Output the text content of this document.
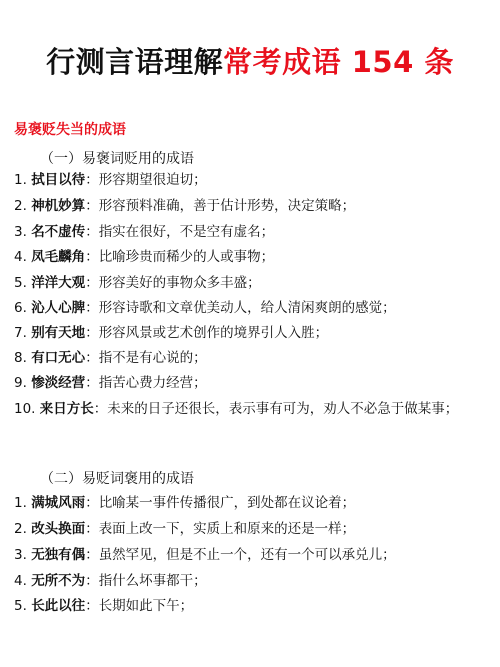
行测言语理解常考成语 154 条
易褒贬失当的成语
（一）易褒词贬用的成语
1. 拭目以待：形容期望很迫切；
2. 神机妙算：形容预料准确，善于估计形势，决定策略；
3. 名不虚传：指实在很好，不是空有虚名；
4. 凤毛麟角：比喻珍贵而稀少的人或事物；
5. 洋洋大观：形容美好的事物众多丰盛；
6. 沁人心脾：形容诗歌和文章优美动人，给人清闲爽朗的感觉；
7. 别有天地：形容风景或艺术创作的境界引人入胜；
8. 有口无心：指不是有心说的；
9. 惨淡经营：指苦心费力经营；
10. 来日方长：未来的日子还很长，表示事有可为，劝人不必急于做某事；
（二）易贬词褒用的成语
1. 满城风雨：比喻某一事件传播很广，到处都在议论着；
2. 改头换面：表面上改一下，实质上和原来的还是一样；
3. 无独有偶：虽然罕见，但是不止一个，还有一个可以承兑儿；
4. 无所不为：指什么坏事都干；
5. 长此以往：长期如此下午；
